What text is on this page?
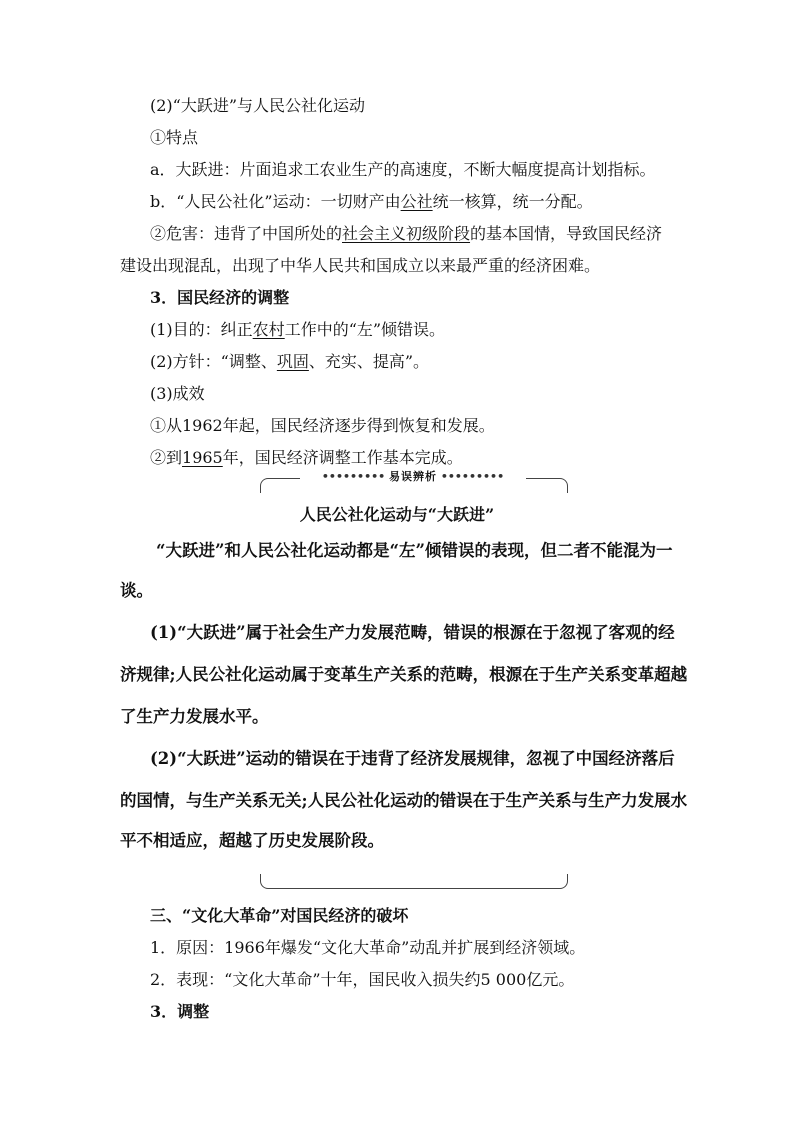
(2)“大跃进”与人民公社化运动
①特点
a．大跃进：片面追求工农业生产的高速度，不断大幅度提高计划指标。
b．“人民公社化”运动：一切财产由公社统一核算，统一分配。
②危害：违背了中国所处的社会主义初级阶段的基本国情，导致国民经济
建设出现混乱，出现了中华人民共和国成立以来最严重的经济困难。
3．国民经济的调整
(1)目的：纠正农村工作中的“左”倾错误。
(2)方针：“调整、巩固、充实、提高”。
(3)成效
①从1962年起，国民经济逐步得到恢复和发展。
②到1965年，国民经济调整工作基本完成。
••••••••• 易误辨析 •••••••••
人民公社化运动与“大跃进”
“大跃进”和人民公社化运动都是“左”倾错误的表现，但二者不能混为一
谈。
(1)“大跃进”属于社会生产力发展范畴，错误的根源在于忽视了客观的经
济规律;人民公社化运动属于变革生产关系的范畴，根源在于生产关系变革超越
了生产力发展水平。
(2)“大跃进”运动的错误在于违背了经济发展规律，忽视了中国经济落后
的国情，与生产关系无关;人民公社化运动的错误在于生产关系与生产力发展水
平不相适应，超越了历史发展阶段。
三、“文化大革命”对国民经济的破坏
1．原因：1966年爆发“文化大革命”动乱并扩展到经济领域。
2．表现：“文化大革命”十年，国民收入损失约5 000亿元。
3．调整
